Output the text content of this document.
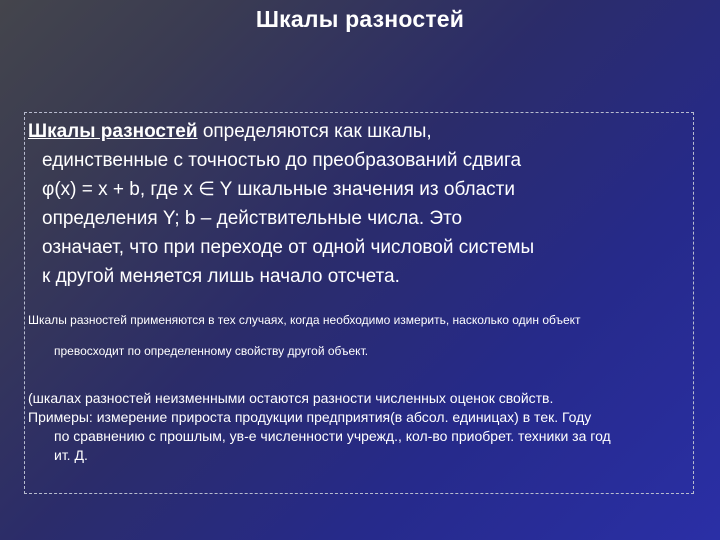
Шкалы разностей
Шкалы разностей определяются как шкалы,
единственные с точностью до преобразований сдвига
φ(x) = x + b, где x ∈ Y шкальные значения из области
определения Y; b – действительные числа. Это
означает, что при переходе от одной числовой системы
к другой меняется лишь начало отсчета.

Шкалы разностей применяются в тех случаях, когда необходимо измерить, насколько один объект

превосходит по определенному свойству другой объект.

(шкалах разностей неизменными остаются разности численных оценок свойств.
Примеры: измерение прироста продукции предприятия(в абсол. единицах) в тек. Году
по сравнению с прошлым, ув-е численности учрежд., кол-во приобрет. техники за год
ит. Д.
